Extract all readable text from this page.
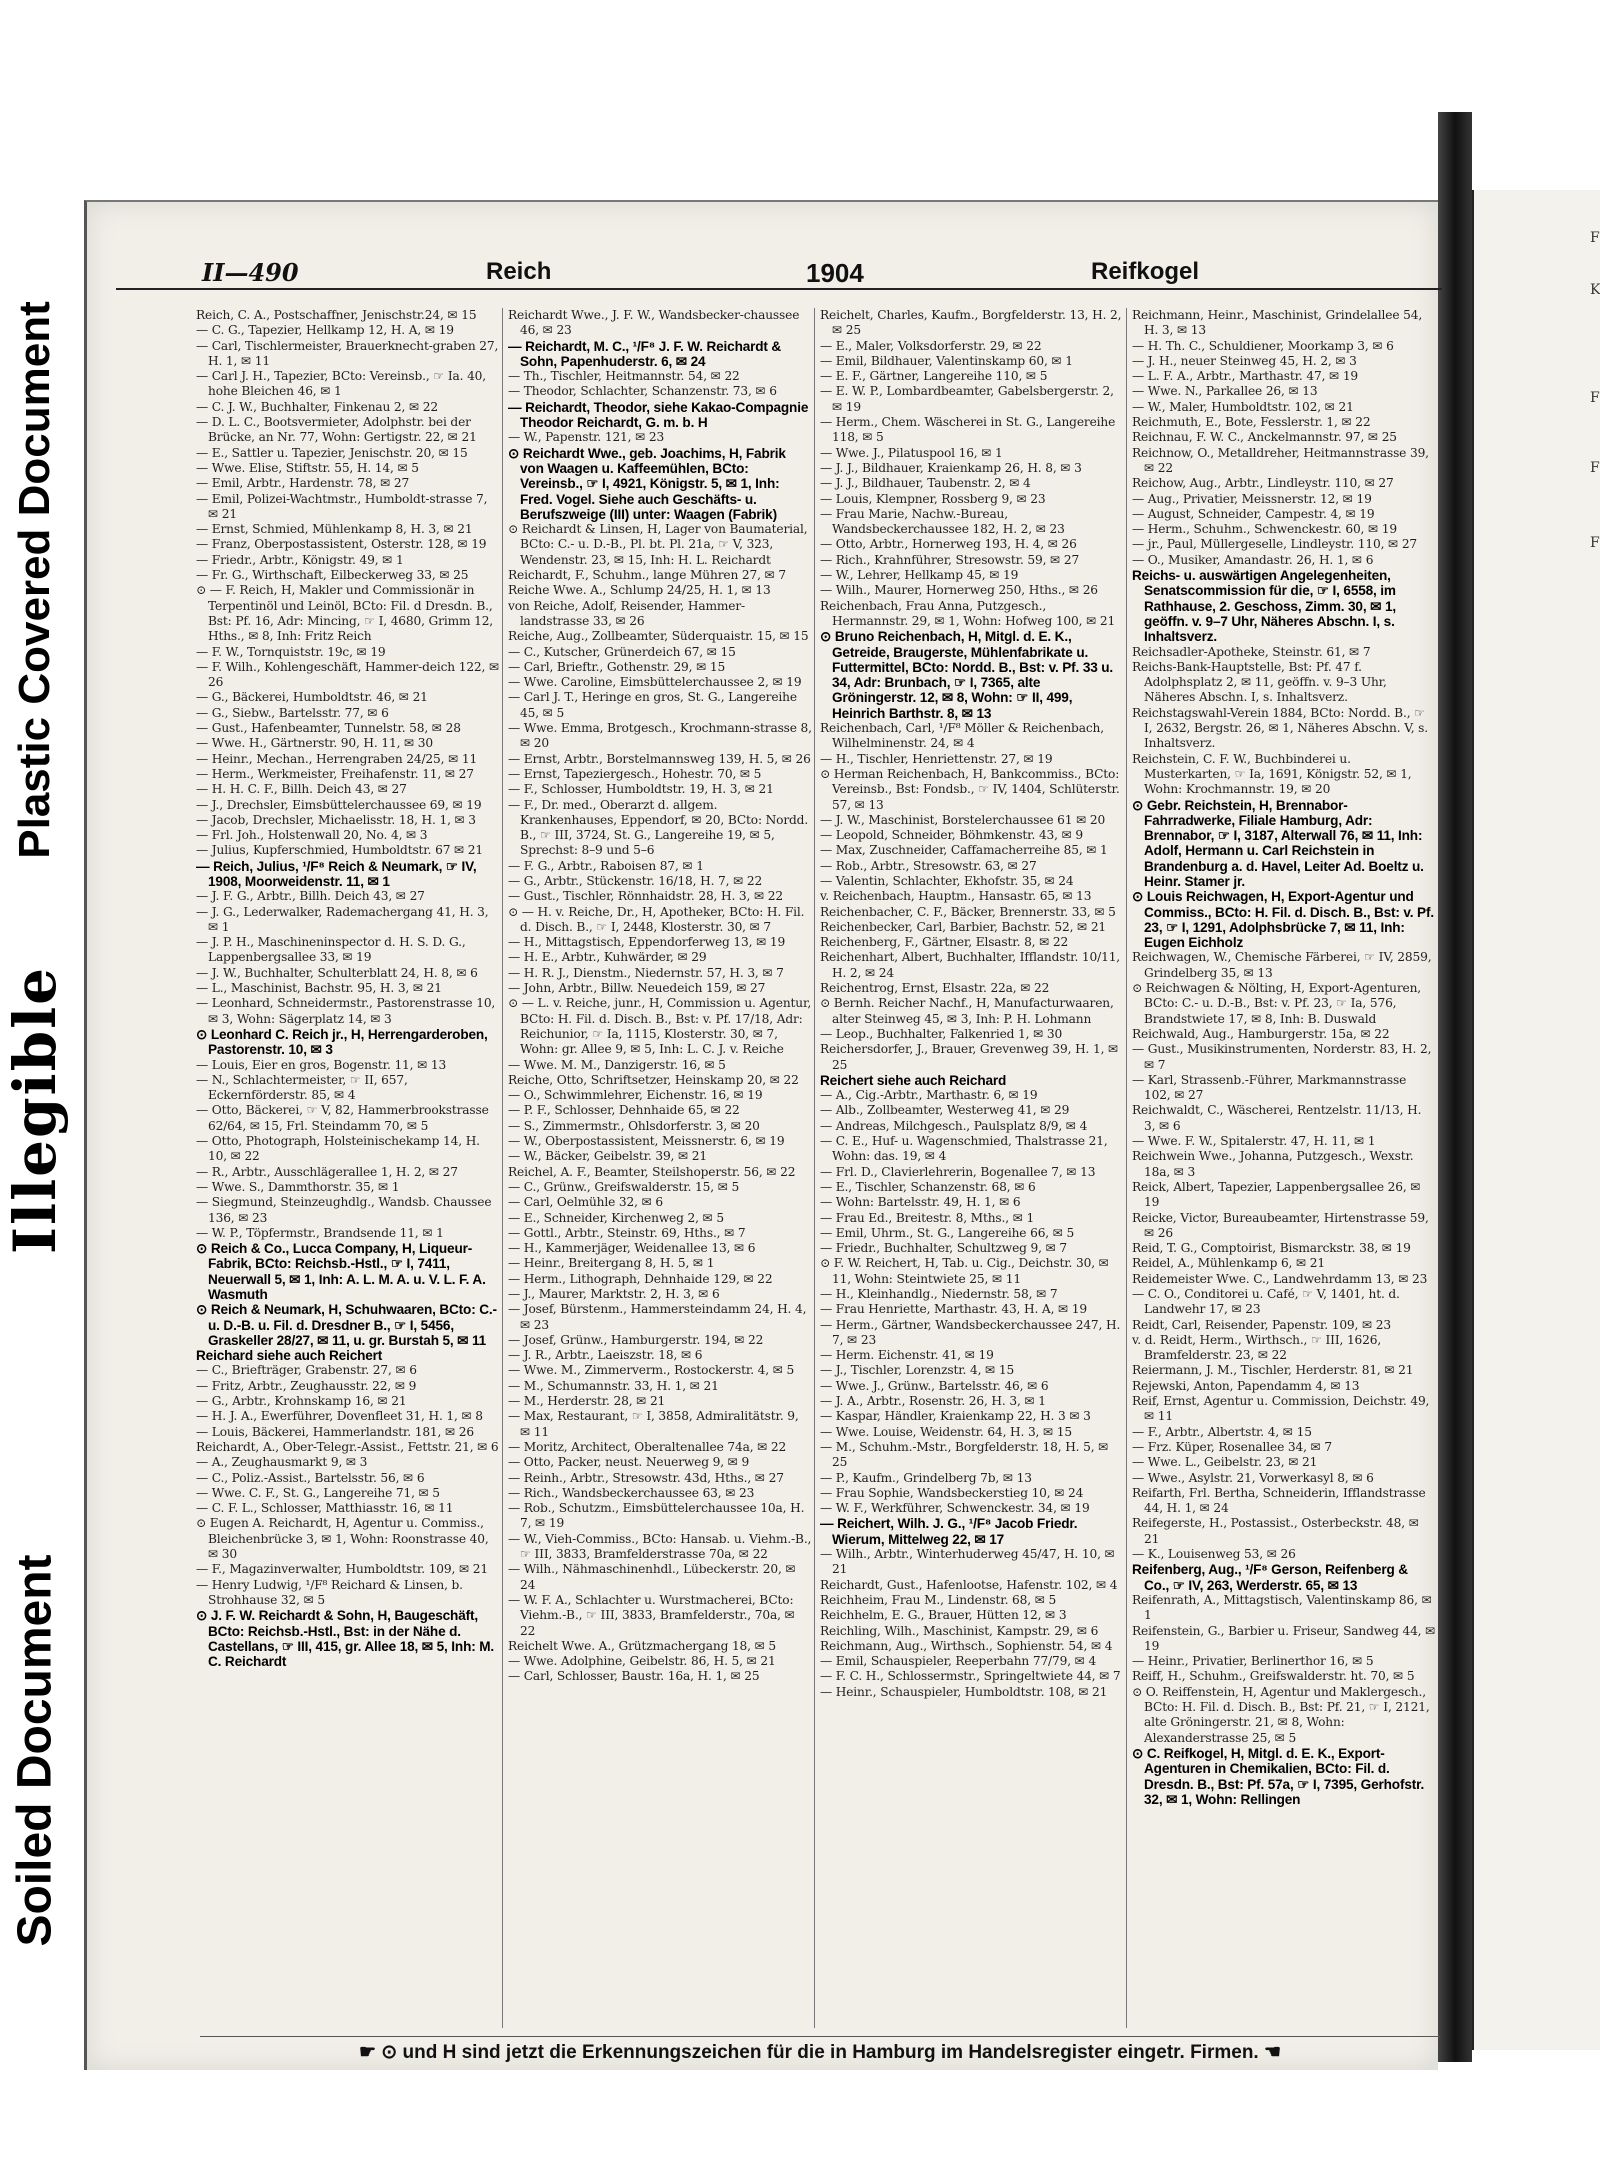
Plastic Covered Document
Illegible
Soiled Document
F
K
F
F
F
II—490	Reich	1904	Reifkogel
Reich, C. A., Postschaffner, Jenischstr.24, ✉ 15
— C. G., Tapezier, Hellkamp 12, H. A, ✉ 19
— Carl, Tischlermeister, Brauerknecht-graben 27, H. 1, ✉ 11
— Carl J. H., Tapezier, BCto: Vereinsb., ☞ Ia. 40, hohe Bleichen 46, ✉ 1
— C. J. W., Buchhalter, Finkenau 2, ✉ 22
— D. L. C., Bootsvermieter, Adolphstr. bei der Brücke, an Nr. 77, Wohn: Gertigstr. 22, ✉ 21
— E., Sattler u. Tapezier, Jenischstr. 20, ✉ 15
— Wwe. Elise, Stiftstr. 55, H. 14, ✉ 5
— Emil, Arbtr., Hardenstr. 78, ✉ 27
— Emil, Polizei-Wachtmstr., Humboldt-strasse 7, ✉ 21
— Ernst, Schmied, Mühlenkamp 8, H. 3, ✉ 21
— Franz, Oberpostassistent, Osterstr. 128, ✉ 19
— Friedr., Arbtr., Königstr. 49, ✉ 1
— Fr. G., Wirthschaft, Eilbeckerweg 33, ✉ 25
⊙ — F. Reich, H, Makler und Commissionär in Terpentinöl und Leinöl, BCto: Fil. d Dresdn. B., Bst: Pf. 16, Adr: Mincing, ☞ I, 4680, Grimm 12, Hths., ✉ 8, Inh: Fritz Reich
— F. W., Tornquiststr. 19c, ✉ 19
— F. Wilh., Kohlengeschäft, Hammer-deich 122, ✉ 26
— G., Bäckerei, Humboldtstr. 46, ✉ 21
— G., Siebw., Bartelsstr. 77, ✉ 6
— Gust., Hafenbeamter, Tunnelstr. 58, ✉ 28
— Wwe. H., Gärtnerstr. 90, H. 11, ✉ 30
— Heinr., Mechan., Herrengraben 24/25, ✉ 11
— Herm., Werkmeister, Freihafenstr. 11, ✉ 27
— H. H. C. F., Billh. Deich 43, ✉ 27
— J., Drechsler, Eimsbüttelerchaussee 69, ✉ 19
— Jacob, Drechsler, Michaelisstr. 18, H. 1, ✉ 3
— Frl. Joh., Holstenwall 20, No. 4, ✉ 3
— Julius, Kupferschmied, Humboldtstr. 67 ✉ 21
— Reich, Julius, ¹/F⁸ Reich & Neumark, ☞ IV, 1908, Moorweidenstr. 11, ✉ 1
— J. F. G., Arbtr., Billh. Deich 43, ✉ 27
— J. G., Lederwalker, Rademachergang 41, H. 3, ✉ 1
— J. P. H., Maschineninspector d. H. S. D. G., Lappenbergsallee 33, ✉ 19
— J. W., Buchhalter, Schulterblatt 24, H. 8, ✉ 6
— L., Maschinist, Bachstr. 95, H. 3, ✉ 21
— Leonhard, Schneidermstr., Pastorenstrasse 10, ✉ 3, Wohn: Sägerplatz 14, ✉ 3
⊙ Leonhard C. Reich jr., H, Herrengarderoben, Pastorenstr. 10, ✉ 3
— Louis, Eier en gros, Bogenstr. 11, ✉ 13
— N., Schlachtermeister, ☞ II, 657, Eckernförderstr. 85, ✉ 4
— Otto, Bäckerei, ☞ V, 82, Hammerbrookstrasse 62/64, ✉ 15, Frl. Steindamm 70, ✉ 5
— Otto, Photograph, Holsteinischekamp 14, H. 10, ✉ 22
— R., Arbtr., Ausschlägerallee 1, H. 2, ✉ 27
— Wwe. S., Dammthorstr. 35, ✉ 1
— Siegmund, Steinzeughdlg., Wandsb. Chaussee 136, ✉ 23
— W. P., Töpfermstr., Brandsende 11, ✉ 1
⊙ Reich & Co., Lucca Company, H, Liqueur-Fabrik, BCto: Reichsb.-Hstl., ☞ I, 7411, Neuerwall 5, ✉ 1, Inh: A. L. M. A. u. V. L. F. A. Wasmuth
⊙ Reich & Neumark, H, Schuhwaaren, BCto: C.- u. D.-B. u. Fil. d. Dresdner B., ☞ I, 5456, Graskeller 28/27, ✉ 11, u. gr. Burstah 5, ✉ 11
Reichard siehe auch Reichert
— C., Briefträger, Grabenstr. 27, ✉ 6
— Fritz, Arbtr., Zeughausstr. 22, ✉ 9
— G., Arbtr., Krohnskamp 16, ✉ 21
— H. J. A., Ewerführer, Dovenfleet 31, H. 1, ✉ 8
— Louis, Bäckerei, Hammerlandstr. 181, ✉ 26
Reichardt, A., Ober-Telegr.-Assist., Fettstr. 21, ✉ 6
— A., Zeughausmarkt 9, ✉ 3
— C., Poliz.-Assist., Bartelsstr. 56, ✉ 6
— Wwe. C. F., St. G., Langereihe 71, ✉ 5
— C. F. L., Schlosser, Matthiasstr. 16, ✉ 11
⊙ Eugen A. Reichardt, H, Agentur u. Commiss., Bleichenbrücke 3, ✉ 1, Wohn: Roonstrasse 40, ✉ 30
— F., Magazinverwalter, Humboldtstr. 109, ✉ 21
— Henry Ludwig, ¹/F⁸ Reichard & Linsen, b. Strohhause 32, ✉ 5
⊙ J. F. W. Reichardt & Sohn, H, Baugeschäft, BCto: Reichsb.-Hstl., Bst: in der Nähe d. Castellans, ☞ III, 415, gr. Allee 18, ✉ 5, Inh: M. C. Reichardt
Reichardt Wwe., J. F. W., Wandsbecker-chaussee 46, ✉ 23
— Reichardt, M. C., ¹/F⁸ J. F. W. Reichardt & Sohn, Papenhuderstr. 6, ✉ 24
— Th., Tischler, Heitmannstr. 54, ✉ 22
— Theodor, Schlachter, Schanzenstr. 73, ✉ 6
— Reichardt, Theodor, siehe Kakao-Compagnie Theodor Reichardt, G. m. b. H
— W., Papenstr. 121, ✉ 23
⊙ Reichardt Wwe., geb. Joachims, H, Fabrik von Waagen u. Kaffeemühlen, BCto: Vereinsb., ☞ I, 4921, Königstr. 5, ✉ 1, Inh: Fred. Vogel. Siehe auch Geschäfts- u. Berufszweige (III) unter: Waagen (Fabrik)
⊙ Reichardt & Linsen, H, Lager von Baumaterial, BCto: C.- u. D.-B., Pl. bt. Pl. 21a, ☞ V, 323, Wendenstr. 23, ✉ 15, Inh: H. L. Reichardt
Reichardt, F., Schuhm., lange Mühren 27, ✉ 7
Reiche Wwe. A., Schlump 24/25, H. 1, ✉ 13
von Reiche, Adolf, Reisender, Hammer-landstrasse 33, ✉ 26
Reiche, Aug., Zollbeamter, Süderquaistr. 15, ✉ 15
— C., Kutscher, Grünerdeich 67, ✉ 15
— Carl, Brieftr., Gothenstr. 29, ✉ 15
— Wwe. Caroline, Eimsbüttelerchaussee 2, ✉ 19
— Carl J. T., Heringe en gros, St. G., Langereihe 45, ✉ 5
— Wwe. Emma, Brotgesch., Krochmann-strasse 8, ✉ 20
— Ernst, Arbtr., Borstelmannsweg 139, H. 5, ✉ 26
— Ernst, Tapeziergesch., Hohestr. 70, ✉ 5
— F., Schlosser, Humboldtstr. 19, H. 3, ✉ 21
— F., Dr. med., Oberarzt d. allgem. Krankenhauses, Eppendorf, ✉ 20, BCto: Nordd. B., ☞ III, 3724, St. G., Langereihe 19, ✉ 5, Sprechst: 8–9 und 5–6
— F. G., Arbtr., Raboisen 87, ✉ 1
— G., Arbtr., Stückenstr. 16/18, H. 7, ✉ 22
— Gust., Tischler, Rönnhaidstr. 28, H. 3, ✉ 22
⊙ — H. v. Reiche, Dr., H, Apotheker, BCto: H. Fil. d. Disch. B., ☞ I, 2448, Klosterstr. 30, ✉ 7
— H., Mittagstisch, Eppendorferweg 13, ✉ 19
— H. E., Arbtr., Kuhwärder, ✉ 29
— H. R. J., Dienstm., Niedernstr. 57, H. 3, ✉ 7
— John, Arbtr., Billw. Neuedeich 159, ✉ 27
⊙ — L. v. Reiche, junr., H, Commission u. Agentur, BCto: H. Fil. d. Disch. B., Bst: v. Pf. 17/18, Adr: Reichunior, ☞ Ia, 1115, Klosterstr. 30, ✉ 7, Wohn: gr. Allee 9, ✉ 5, Inh: L. C. J. v. Reiche
— Wwe. M. M., Danzigerstr. 16, ✉ 5
Reiche, Otto, Schriftsetzer, Heinskamp 20, ✉ 22
— O., Schwimmlehrer, Eichenstr. 16, ✉ 19
— P. F., Schlosser, Dehnhaide 65, ✉ 22
— S., Zimmermstr., Ohlsdorferstr. 3, ✉ 20
— W., Oberpostassistent, Meissnerstr. 6, ✉ 19
— W., Bäcker, Geibelstr. 39, ✉ 21
Reichel, A. F., Beamter, Steilshoperstr. 56, ✉ 22
— C., Grünw., Greifswalderstr. 15, ✉ 5
— Carl, Oelmühle 32, ✉ 6
— E., Schneider, Kirchenweg 2, ✉ 5
— Gottl., Arbtr., Steinstr. 69, Hths., ✉ 7
— H., Kammerjäger, Weidenallee 13, ✉ 6
— Heinr., Breitergang 8, H. 5, ✉ 1
— Herm., Lithograph, Dehnhaide 129, ✉ 22
— J., Maurer, Marktstr. 2, H. 3, ✉ 6
— Josef, Bürstenm., Hammersteindamm 24, H. 4, ✉ 23
— Josef, Grünw., Hamburgerstr. 194, ✉ 22
— J. R., Arbtr., Laeiszstr. 18, ✉ 6
— Wwe. M., Zimmerverm., Rostockerstr. 4, ✉ 5
— M., Schumannstr. 33, H. 1, ✉ 21
— M., Herderstr. 28, ✉ 21
— Max, Restaurant, ☞ I, 3858, Admiralitätstr. 9, ✉ 11
— Moritz, Architect, Oberaltenallee 74a, ✉ 22
— Otto, Packer, neust. Neuerweg 9, ✉ 9
— Reinh., Arbtr., Stresowstr. 43d, Hths., ✉ 27
— Rich., Wandsbeckerchaussee 63, ✉ 23
— Rob., Schutzm., Eimsbüttelerchaussee 10a, H. 7, ✉ 19
— W., Vieh-Commiss., BCto: Hansab. u. Viehm.-B., ☞ III, 3833, Bramfelderstrasse 70a, ✉ 22
— Wilh., Nähmaschinenhdl., Lübeckerstr. 20, ✉ 24
— W. F. A., Schlachter u. Wurstmacherei, BCto: Viehm.-B., ☞ III, 3833, Bramfelderstr., 70a, ✉ 22
Reichelt Wwe. A., Grützmachergang 18, ✉ 5
— Wwe. Adolphine, Geibelstr. 86, H. 5, ✉ 21
— Carl, Schlosser, Baustr. 16a, H. 1, ✉ 25
Reichelt, Charles, Kaufm., Borgfelderstr. 13, H. 2, ✉ 25
— E., Maler, Volksdorferstr. 29, ✉ 22
— Emil, Bildhauer, Valentinskamp 60, ✉ 1
— E. F., Gärtner, Langereihe 110, ✉ 5
— E. W. P., Lombardbeamter, Gabelsbergerstr. 2, ✉ 19
— Herm., Chem. Wäscherei in St. G., Langereihe 118, ✉ 5
— Wwe. J., Pilatuspool 16, ✉ 1
— J. J., Bildhauer, Kraienkamp 26, H. 8, ✉ 3
— J. J., Bildhauer, Taubenstr. 2, ✉ 4
— Louis, Klempner, Rossberg 9, ✉ 23
— Frau Marie, Nachw.-Bureau, Wandsbeckerchaussee 182, H. 2, ✉ 23
— Otto, Arbtr., Hornerweg 193, H. 4, ✉ 26
— Rich., Krahnführer, Stresowstr. 59, ✉ 27
— W., Lehrer, Hellkamp 45, ✉ 19
— Wilh., Maurer, Hornerweg 250, Hths., ✉ 26
Reichenbach, Frau Anna, Putzgesch., Hermannstr. 29, ✉ 1, Wohn: Hofweg 100, ✉ 21
⊙ Bruno Reichenbach, H, Mitgl. d. E. K., Getreide, Braugerste, Mühlenfabrikate u. Futtermittel, BCto: Nordd. B., Bst: v. Pf. 33 u. 34, Adr: Brunbach, ☞ I, 7365, alte Gröningerstr. 12, ✉ 8, Wohn: ☞ II, 499, Heinrich Barthstr. 8, ✉ 13
Reichenbach, Carl, ¹/F⁸ Möller & Reichenbach, Wilhelminenstr. 24, ✉ 4
— H., Tischler, Henriettenstr. 27, ✉ 19
⊙ Herman Reichenbach, H, Bankcommiss., BCto: Vereinsb., Bst: Fondsb., ☞ IV, 1404, Schlüterstr. 57, ✉ 13
— J. W., Maschinist, Borstelerchaussee 61 ✉ 20
— Leopold, Schneider, Böhmkenstr. 43, ✉ 9
— Max, Zuschneider, Caffamacherreihe 85, ✉ 1
— Rob., Arbtr., Stresowstr. 63, ✉ 27
— Valentin, Schlachter, Ekhofstr. 35, ✉ 24
v. Reichenbach, Hauptm., Hansastr. 65, ✉ 13
Reichenbacher, C. F., Bäcker, Brennerstr. 33, ✉ 5
Reichenbecker, Carl, Barbier, Bachstr. 52, ✉ 21
Reichenberg, F., Gärtner, Elsastr. 8, ✉ 22
Reichenhart, Albert, Buchhalter, Ifflandstr. 10/11, H. 2, ✉ 24
Reichentrog, Ernst, Elsastr. 22a, ✉ 22
⊙ Bernh. Reicher Nachf., H, Manufacturwaaren, alter Steinweg 45, ✉ 3, Inh: P. H. Lohmann
— Leop., Buchhalter, Falkenried 1, ✉ 30
Reichersdorfer, J., Brauer, Grevenweg 39, H. 1, ✉ 25
Reichert siehe auch Reichard
— A., Cig.-Arbtr., Marthastr. 6, ✉ 19
— Alb., Zollbeamter, Westerweg 41, ✉ 29
— Andreas, Milchgesch., Paulsplatz 8/9, ✉ 4
— C. E., Huf- u. Wagenschmied, Thalstrasse 21, Wohn: das. 19, ✉ 4
— Frl. D., Clavierlehrerin, Bogenallee 7, ✉ 13
— E., Tischler, Schanzenstr. 68, ✉ 6
— Wohn: Bartelsstr. 49, H. 1, ✉ 6
— Frau Ed., Breitestr. 8, Mths., ✉ 1
— Emil, Uhrm., St. G., Langereihe 66, ✉ 5
— Friedr., Buchhalter, Schultzweg 9, ✉ 7
⊙ F. W. Reichert, H, Tab. u. Cig., Deichstr. 30, ✉ 11, Wohn: Steintwiete 25, ✉ 11
— H., Kleinhandlg., Niedernstr. 58, ✉ 7
— Frau Henriette, Marthastr. 43, H. A, ✉ 19
— Herm., Gärtner, Wandsbeckerchaussee 247, H. 7, ✉ 23
— Herm. Eichenstr. 41, ✉ 19
— J., Tischler, Lorenzstr. 4, ✉ 15
— Wwe. J., Grünw., Bartelsstr. 46, ✉ 6
— J. A., Arbtr., Rosenstr. 26, H. 3, ✉ 1
— Kaspar, Händler, Kraienkamp 22, H. 3 ✉ 3
— Wwe. Louise, Weidenstr. 64, H. 3, ✉ 15
— M., Schuhm.-Mstr., Borgfelderstr. 18, H. 5, ✉ 25
— P., Kaufm., Grindelberg 7b, ✉ 13
— Frau Sophie, Wandsbeckerstieg 10, ✉ 24
— W. F., Werkführer, Schwenckestr. 34, ✉ 19
— Reichert, Wilh. J. G., ¹/F⁸ Jacob Friedr. Wierum, Mittelweg 22, ✉ 17
— Wilh., Arbtr., Winterhuderweg 45/47, H. 10, ✉ 21
Reichardt, Gust., Hafenlootse, Hafenstr. 102, ✉ 4
Reichheim, Frau M., Lindenstr. 68, ✉ 5
Reichhelm, E. G., Brauer, Hütten 12, ✉ 3
Reichling, Wilh., Maschinist, Kampstr. 29, ✉ 6
Reichmann, Aug., Wirthsch., Sophienstr. 54, ✉ 4
— Emil, Schauspieler, Reeperbahn 77/79, ✉ 4
— F. C. H., Schlossermstr., Springeltwiete 44, ✉ 7
— Heinr., Schauspieler, Humboldtstr. 108, ✉ 21
Reichmann, Heinr., Maschinist, Grindelallee 54, H. 3, ✉ 13
— H. Th. C., Schuldiener, Moorkamp 3, ✉ 6
— J. H., neuer Steinweg 45, H. 2, ✉ 3
— L. F. A., Arbtr., Marthastr. 47, ✉ 19
— Wwe. N., Parkallee 26, ✉ 13
— W., Maler, Humboldtstr. 102, ✉ 21
Reichmuth, E., Bote, Fesslerstr. 1, ✉ 22
Reichnau, F. W. C., Anckelmannstr. 97, ✉ 25
Reichnow, O., Metalldreher, Heitmannstrasse 39, ✉ 22
Reichow, Aug., Arbtr., Lindleystr. 110, ✉ 27
— Aug., Privatier, Meissnerstr. 12, ✉ 19
— August, Schneider, Campestr. 4, ✉ 19
— Herm., Schuhm., Schwenckestr. 60, ✉ 19
— jr., Paul, Müllergeselle, Lindleystr. 110, ✉ 27
— O., Musiker, Amandastr. 26, H. 1, ✉ 6
Reichs- u. auswärtigen Angelegenheiten, Senatscommission für die, ☞ I, 6558, im Rathhause, 2. Geschoss, Zimm. 30, ✉ 1, geöffn. v. 9–7 Uhr, Näheres Abschn. I, s. Inhaltsverz.
Reichsadler-Apotheke, Steinstr. 61, ✉ 7
Reichs-Bank-Hauptstelle, Bst: Pf. 47 f. Adolphsplatz 2, ✉ 11, geöffn. v. 9–3 Uhr, Näheres Abschn. I, s. Inhaltsverz.
Reichstagswahl-Verein 1884, BCto: Nordd. B., ☞ I, 2632, Bergstr. 26, ✉ 1, Näheres Abschn. V, s. Inhaltsverz.
Reichstein, C. F. W., Buchbinderei u. Musterkarten, ☞ Ia, 1691, Königstr. 52, ✉ 1, Wohn: Krochmannstr. 19, ✉ 20
⊙ Gebr. Reichstein, H, Brennabor-Fahrradwerke, Filiale Hamburg, Adr: Brennabor, ☞ I, 3187, Alterwall 76, ✉ 11, Inh: Adolf, Hermann u. Carl Reichstein in Brandenburg a. d. Havel, Leiter Ad. Boeltz u. Heinr. Stamer jr.
⊙ Louis Reichwagen, H, Export-Agentur und Commiss., BCto: H. Fil. d. Disch. B., Bst: v. Pf. 23, ☞ I, 1291, Adolphsbrücke 7, ✉ 11, Inh: Eugen Eichholz
Reichwagen, W., Chemische Färberei, ☞ IV, 2859, Grindelberg 35, ✉ 13
⊙ Reichwagen & Nölting, H, Export-Agenturen, BCto: C.- u. D.-B., Bst: v. Pf. 23, ☞ Ia, 576, Brandstwiete 17, ✉ 8, Inh: B. Duswald
Reichwald, Aug., Hamburgerstr. 15a, ✉ 22
— Gust., Musikinstrumenten, Norderstr. 83, H. 2, ✉ 7
— Karl, Strassenb.-Führer, Markmannstrasse 102, ✉ 27
Reichwaldt, C., Wäscherei, Rentzelstr. 11/13, H. 3, ✉ 6
— Wwe. F. W., Spitalerstr. 47, H. 11, ✉ 1
Reichwein Wwe., Johanna, Putzgesch., Wexstr. 18a, ✉ 3
Reick, Albert, Tapezier, Lappenbergsallee 26, ✉ 19
Reicke, Victor, Bureaubeamter, Hirtenstrasse 59, ✉ 26
Reid, T. G., Comptoirist, Bismarckstr. 38, ✉ 19
Reidel, A., Mühlenkamp 6, ✉ 21
Reidemeister Wwe. C., Landwehrdamm 13, ✉ 23
— C. O., Conditorei u. Café, ☞ V, 1401, ht. d. Landwehr 17, ✉ 23
Reidt, Carl, Reisender, Papenstr. 109, ✉ 23
v. d. Reidt, Herm., Wirthsch., ☞ III, 1626, Bramfelderstr. 23, ✉ 22
Reiermann, J. M., Tischler, Herderstr. 81, ✉ 21
Rejewski, Anton, Papendamm 4, ✉ 13
Reif, Ernst, Agentur u. Commission, Deichstr. 49, ✉ 11
— F., Arbtr., Albertstr. 4, ✉ 15
— Frz. Küper, Rosenallee 34, ✉ 7
— Wwe. L., Geibelstr. 23, ✉ 21
— Wwe., Asylstr. 21, Vorwerkasyl 8, ✉ 6
Reifarth, Frl. Bertha, Schneiderin, Ifflandstrasse 44, H. 1, ✉ 24
Reifegerste, H., Postassist., Osterbeckstr. 48, ✉ 21
— K., Louisenweg 53, ✉ 26
Reifenberg, Aug., ¹/F⁸ Gerson, Reifenberg & Co., ☞ IV, 263, Werderstr. 65, ✉ 13
Reifenrath, A., Mittagstisch, Valentinskamp 86, ✉ 1
Reifenstein, G., Barbier u. Friseur, Sandweg 44, ✉ 19
— Heinr., Privatier, Berlinerthor 16, ✉ 5
Reiff, H., Schuhm., Greifswalderstr. ht. 70, ✉ 5
⊙ O. Reiffenstein, H, Agentur und Maklergesch., BCto: H. Fil. d. Disch. B., Bst: Pf. 21, ☞ I, 2121, alte Gröningerstr. 21, ✉ 8, Wohn: Alexanderstrasse 25, ✉ 5
⊙ C. Reifkogel, H, Mitgl. d. E. K., Export-Agenturen in Chemikalien, BCto: Fil. d. Dresdn. B., Bst: Pf. 57a, ☞ I, 7395, Gerhofstr. 32, ✉ 1, Wohn: Rellingen
☛ ⊙ und H sind jetzt die Erkennungszeichen für die in Hamburg im Handelsregister eingetr. Firmen. ☚
